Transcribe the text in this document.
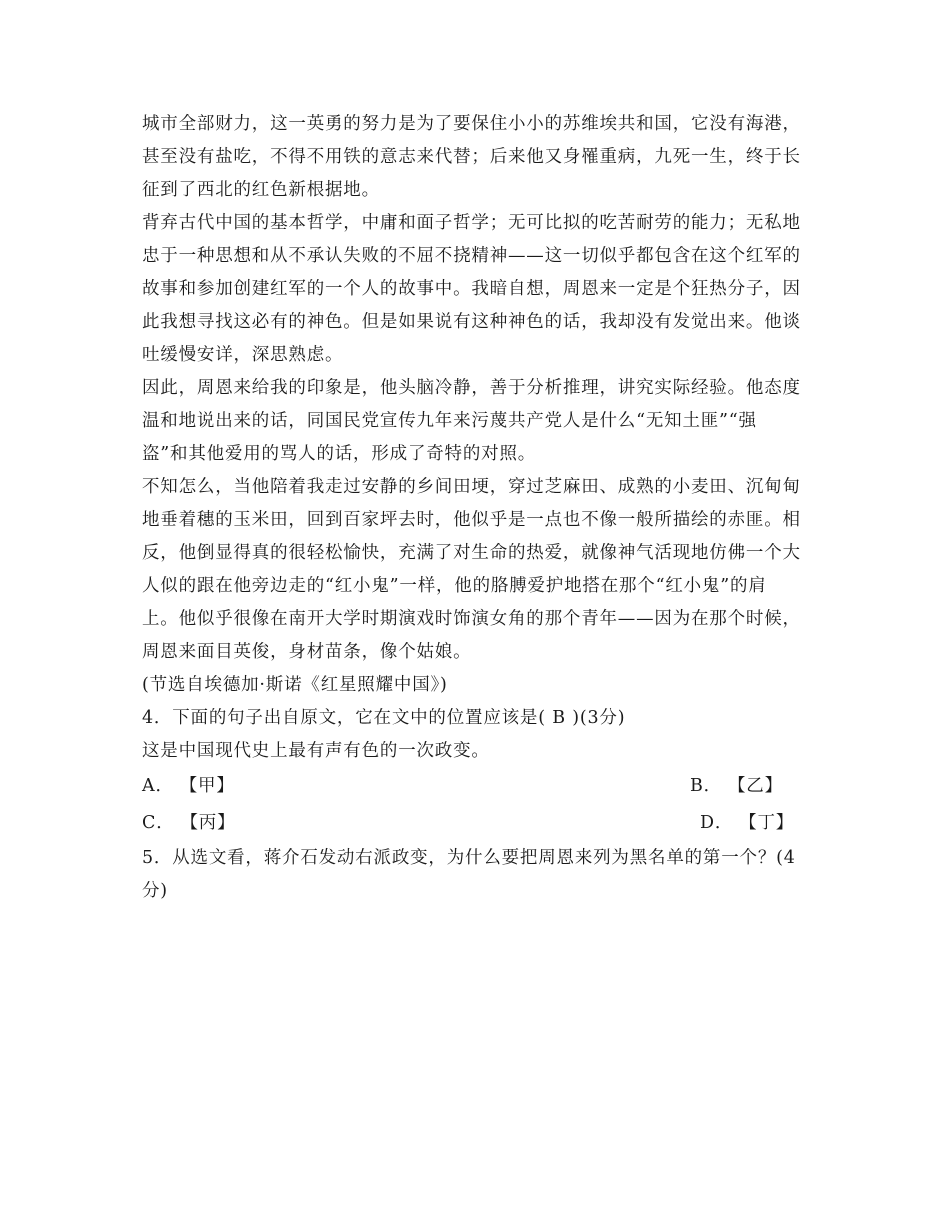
城市全部财力，这一英勇的努力是为了要保住小小的苏维埃共和国，它没有海港，
甚至没有盐吃，不得不用铁的意志来代替；后来他又身罹重病，九死一生，终于长
征到了西北的红色新根据地。
背弃古代中国的基本哲学，中庸和面子哲学；无可比拟的吃苦耐劳的能力；无私地
忠于一种思想和从不承认失败的不屈不挠精神——这一切似乎都包含在这个红军的
故事和参加创建红军的一个人的故事中。我暗自想，周恩来一定是个狂热分子，因
此我想寻找这必有的神色。但是如果说有这种神色的话，我却没有发觉出来。他谈
吐缓慢安详，深思熟虑。
因此，周恩来给我的印象是，他头脑冷静，善于分析推理，讲究实际经验。他态度
温和地说出来的话，同国民党宣传九年来污蔑共产党人是什么“无知土匪”“强
盗”和其他爱用的骂人的话，形成了奇特的对照。
不知怎么，当他陪着我走过安静的乡间田埂，穿过芝麻田、成熟的小麦田、沉甸甸
地垂着穗的玉米田，回到百家坪去时，他似乎是一点也不像一般所描绘的赤匪。相
反，他倒显得真的很轻松愉快，充满了对生命的热爱，就像神气活现地仿佛一个大
人似的跟在他旁边走的“红小鬼”一样，他的胳膊爱护地搭在那个“红小鬼”的肩
上。他似乎很像在南开大学时期演戏时饰演女角的那个青年——因为在那个时候，
周恩来面目英俊，身材苗条，像个姑娘。
(节选自埃德加·斯诺《红星照耀中国》)
4．下面的句子出自原文，它在文中的位置应该是( B )(3分)
这是中国现代史上最有声有色的一次政变。
A． 【甲】	B． 【乙】
C． 【丙】	D． 【丁】
5．从选文看，蒋介石发动右派政变，为什么要把周恩来列为黑名单的第一个？(4
分)
